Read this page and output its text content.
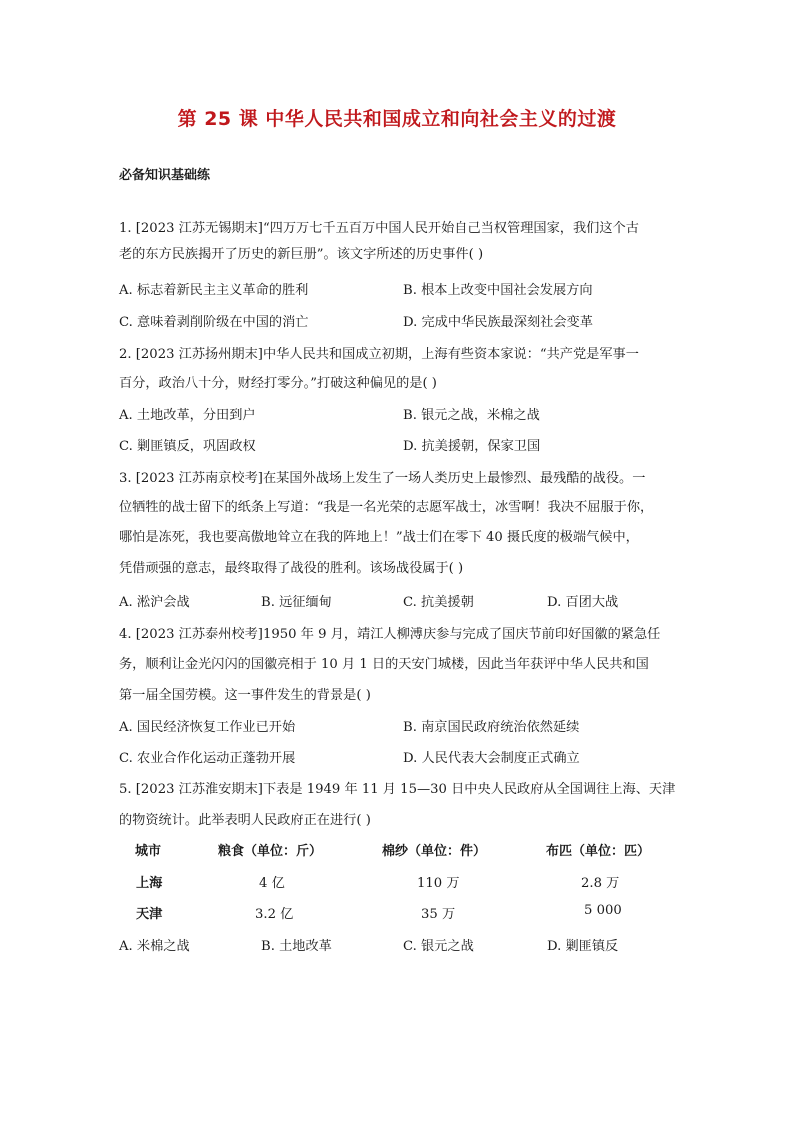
第 25 课 中华人民共和国成立和向社会主义的过渡
必备知识基础练
1. [2023 江苏无锡期末]“四万万七千五百万中国人民开始自己当权管理国家，我们这个古
老的东方民族揭开了历史的新巨册”。该文字所述的历史事件( )
A. 标志着新民主主义革命的胜利	B. 根本上改变中国社会发展方向
C. 意味着剥削阶级在中国的消亡	D. 完成中华民族最深刻社会变革
2. [2023 江苏扬州期末]中华人民共和国成立初期，上海有些资本家说：“共产党是军事一
百分，政治八十分，财经打零分。”打破这种偏见的是( )
A. 土地改革，分田到户	B. 银元之战，米棉之战
C. 剿匪镇反，巩固政权	D. 抗美援朝，保家卫国
3. [2023 江苏南京校考]在某国外战场上发生了一场人类历史上最惨烈、最残酷的战役。一
位牺牲的战士留下的纸条上写道：“我是一名光荣的志愿军战士，冰雪啊！我决不屈服于你，
哪怕是冻死，我也要高傲地耸立在我的阵地上！”战士们在零下 40 摄氏度的极端气候中，
凭借顽强的意志，最终取得了战役的胜利。该场战役属于( )
A. 淞沪会战	B. 远征缅甸	C. 抗美援朝	D. 百团大战
4. [2023 江苏泰州校考]1950 年 9 月，靖江人柳溥庆参与完成了国庆节前印好国徽的紧急任
务，顺利让金光闪闪的国徽亮相于 10 月 1 日的天安门城楼，因此当年获评中华人民共和国
第一届全国劳模。这一事件发生的背景是( )
A. 国民经济恢复工作业已开始	B. 南京国民政府统治依然延续
C. 农业合作化运动正蓬勃开展	D. 人民代表大会制度正式确立
5. [2023 江苏淮安期末]下表是 1949 年 11 月 15—30 日中央人民政府从全国调往上海、天津
的物资统计。此举表明人民政府正在进行( )
城市	粮食（单位：斤）	棉纱（单位：件）	布匹（单位：匹）
上海	4 亿	110 万	2.8 万
天津	3.2 亿	35 万	5 000
A. 米棉之战	B. 土地改革	C. 银元之战	D. 剿匪镇反
